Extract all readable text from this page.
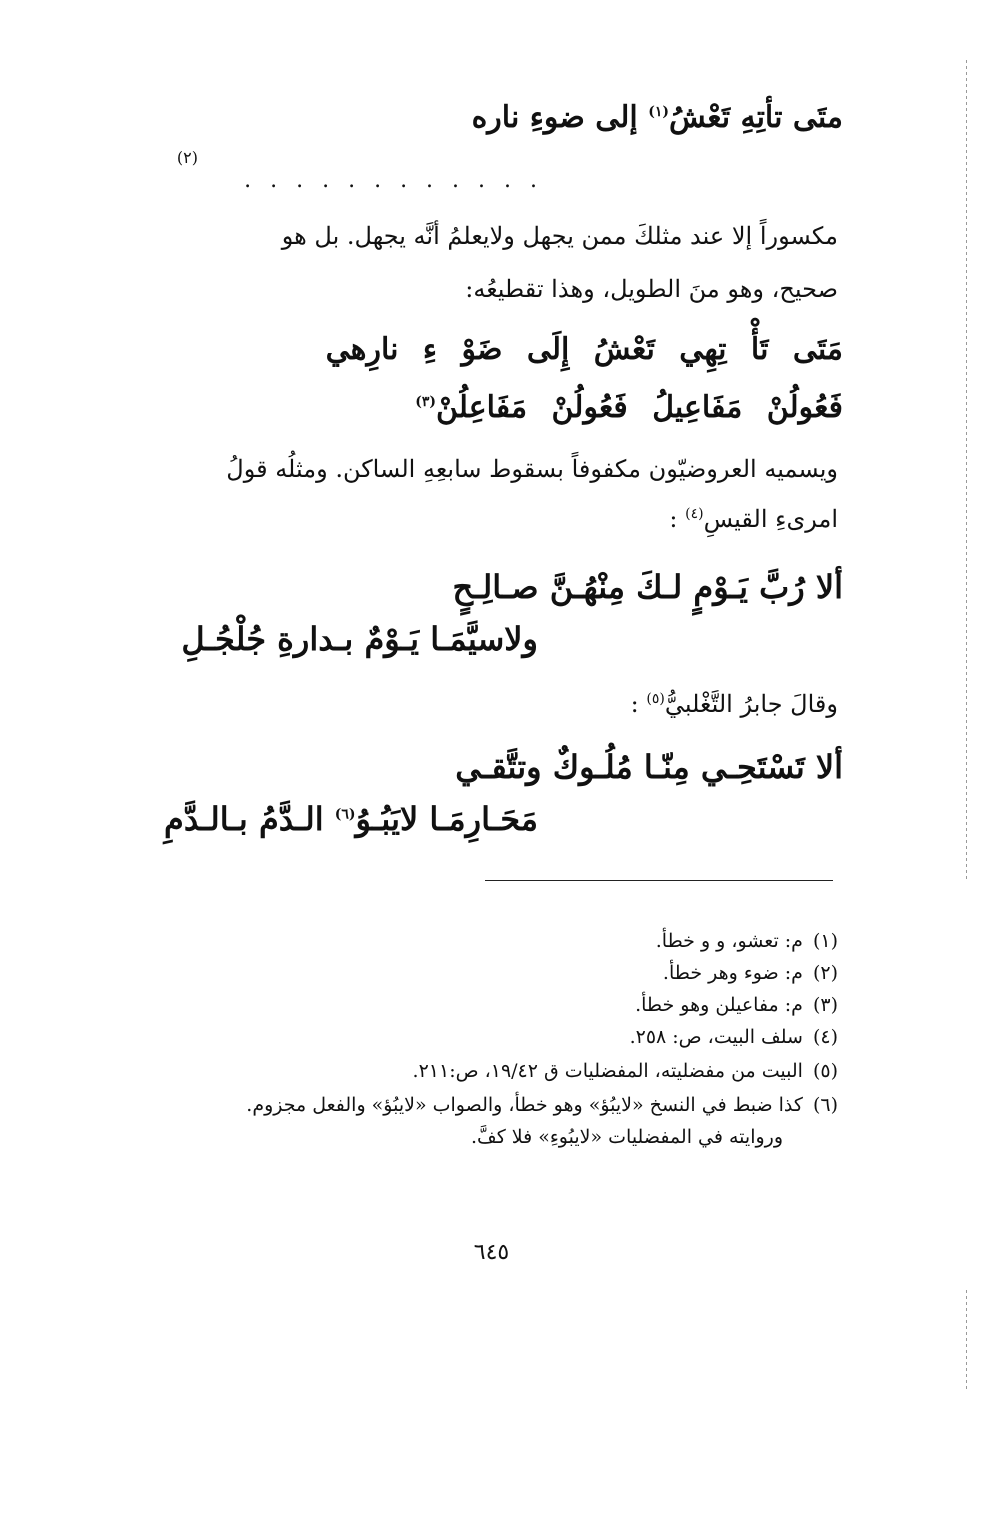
متَى تأتِهِ تَعْشُ$^{(١)}$ إلى ضوءِ ناره
(٢)
. . . . . . . . . . . .
مكسوراً إلا عند مثلكَ ممن يجهل ولايعلمُ أنَّه يجهل. بل هو
صحيح، وهو منَ الطويل، وهذا تقطيعُه:
مَتَى تَأْ تِهِي تَعْشُ إِلَى ضَوْ ءِ نارِهي
فَعُولُنْ مَفَاعِيلُ فَعُولُنْ مَفَاعِلُنْ$^{(٣)}$
ويسميه العروضيّون مكفوفاً بسقوط سابعِهِ الساكن. ومثلُه قولُ
امرىءِ القيسِ$^{(٤)}$ :
ألا رُبَّ يَـوْمٍ لـكَ مِنْهُـنَّ صـالِـحٍ
ولاسيَّمَـا يَـوْمٌ بـدارةِ جُلْجُـلِ
وقالَ جابرُ التَّغْلبيُّ$^{(٥)}$ :
ألا تَسْتَحِـي مِنّـا مُلُـوكٌ وتتَّقـي
مَحَـارِمَـا لايَبُـوُ$^{(٦)}$ الـدَّمُ بـالـدَّمِ
(١)م: تعشو، و و خطأ.
(٢)م: ضوء وهر خطأ.
(٣)م: مفاعيلن وهو خطأ.
(٤)سلف البيت، ص: ٢٥٨.
(٥)البيت من مفضليته، المفضليات ق ١٩/٤٢، ص:٢١١.
(٦)كذا ضبط في النسخ «لايبُؤ» وهو خطأ، والصواب «لايبُؤ» والفعل مجزوم.
وروايته في المفضليات «لايبُوءِ» فلا كفَّ.
٦٤٥
